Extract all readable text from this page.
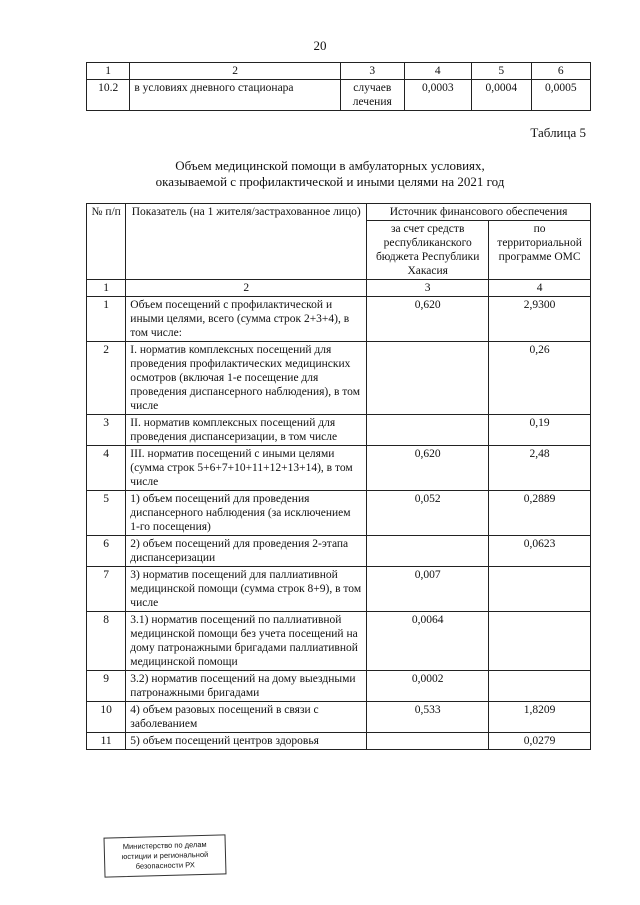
20
1	2	3	4	5	6
10.2	в условиях дневного стационара	случаев лечения	0,0003	0,0004	0,0005
Таблица 5
Объем медицинской помощи в амбулаторных условиях,
оказываемой с профилактической и иными целями на 2021 год
№ п/п	Показатель (на 1 жителя/застрахованное лицо)	Источник финансового обеспечения	
		за счет средств республиканского бюджета Республики Хакасия	по территориальной программе ОМС
1	2	3	4
1	Объем посещений с профилактической и иными целями, всего (сумма строк 2+3+4), в том числе:	0,620	2,9300
2	I. норматив комплексных посещений для проведения профилактических медицинских осмотров (включая 1-е посещение для проведения диспансерного наблюдения), в том числе		0,26
3	II. норматив комплексных посещений для проведения диспансеризации, в том числе		0,19
4	III. норматив посещений с иными целями (сумма строк 5+6+7+10+11+12+13+14), в том числе	0,620	2,48
5	1) объем посещений для проведения диспансерного наблюдения (за исключением 1-го посещения)	0,052	0,2889
6	2) объем посещений для проведения 2-этапа диспансеризации		0,0623
7	3) норматив посещений для паллиативной медицинской помощи (сумма строк 8+9), в том числе	0,007	
8	3.1) норматив посещений по паллиативной медицинской помощи без учета посещений на дому патронажными бригадами паллиативной медицинской помощи	0,0064	
9	3.2) норматив посещений на дому выездными патронажными бригадами	0,0002	
10	4) объем разовых посещений в связи с заболеванием	0,533	1,8209
11	5) объем посещений центров здоровья		0,0279
Министерство по делам юстиции и региональной безопасности РХ
